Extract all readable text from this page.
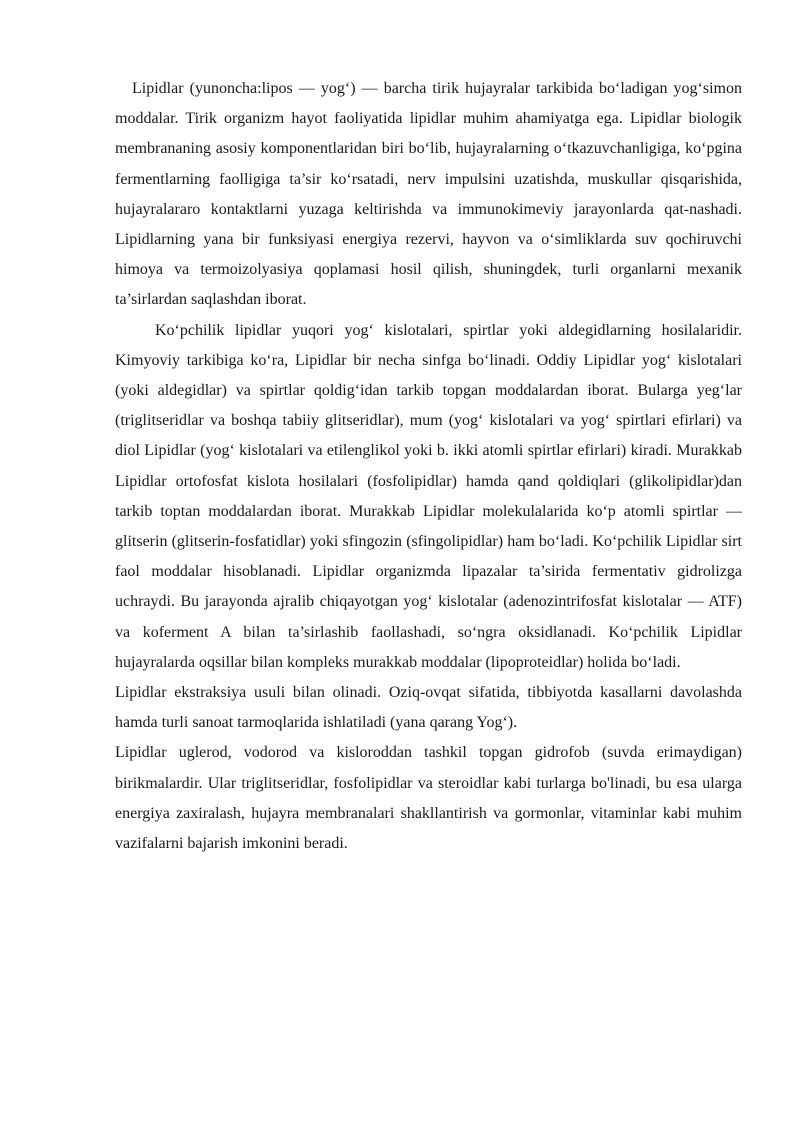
Lipidlar (yunoncha:lipos — yog‘) — barcha tirik hujayralar tarkibida bo‘ladigan yog‘simon moddalar. Tirik organizm hayot faoliyatida lipidlar muhim ahamiyatga ega. Lipidlar biologik membrananing asosiy komponentlaridan biri bo‘lib, hujayralarning o‘tkazuvchanligiga, ko‘pgina fermentlarning faolligiga ta’sir ko‘rsatadi, nerv impulsini uzatishda, muskullar qisqarishida, hujayralararo kontaktlarni yuzaga keltirishda va immunokimeviy jarayonlarda qat-nashadi. Lipidlarning yana bir funksiyasi energiya rezervi, hayvon va o‘simliklarda suv qochiruvchi himoya va termoizolyasiya qoplamasi hosil qilish, shuningdek, turli organlarni mexanik ta’sirlardan saqlashdan iborat.

Ko‘pchilik lipidlar yuqori yog‘ kislotalari, spirtlar yoki aldegidlarning hosilalaridir. Kimyoviy tarkibiga ko‘ra, Lipidlar bir necha sinfga bo‘linadi. Oddiy Lipidlar yog‘ kislotalari (yoki aldegidlar) va spirtlar qoldig‘idan tarkib topgan moddalardan iborat. Bularga yeg‘lar (triglitseridlar va boshqa tabiiy glitseridlar), mum (yog‘ kislotalari va yog‘ spirtlari efirlari) va diol Lipidlar (yog‘ kislotalari va etilenglikol yoki b. ikki atomli spirtlar efirlari) kiradi. Murakkab Lipidlar ortofosfat kislota hosilalari (fosfolipidlar) hamda qand qoldiqlari (glikolipidlar)dan tarkib toptan moddalardan iborat. Murakkab Lipidlar molekulalarida ko‘p atomli spirtlar — glitserin (glitserin-fosfatidlar) yoki sfingozin (sfingolipidlar) ham bo‘ladi. Ko‘pchilik Lipidlar sirt faol moddalar hisoblanadi. Lipidlar organizmda lipazalar ta’sirida fermentativ gidrolizga uchraydi. Bu jarayonda ajralib chiqayotgan yog‘ kislotalar (adenozintrifosfat kislotalar — ATF) va koferment A bilan ta’sirlashib faollashadi, so‘ngra oksidlanadi. Ko‘pchilik Lipidlar hujayralarda oqsillar bilan kompleks murakkab moddalar (lipoproteidlar) holida bo‘ladi.

Lipidlar ekstraksiya usuli bilan olinadi. Oziq-ovqat sifatida, tibbiyotda kasallarni davolashda hamda turli sanoat tarmoqlarida ishlatiladi (yana qarang Yog‘).

Lipidlar uglerod, vodorod va kisloroddan tashkil topgan gidrofob (suvda erimaydigan) birikmalardir. Ular triglitseridlar, fosfolipidlar va steroidlar kabi turlarga bo'linadi, bu esa ularga energiya zaxiralash, hujayra membranalari shakllantirish va gormonlar, vitaminlar kabi muhim vazifalarni bajarish imkonini beradi.
